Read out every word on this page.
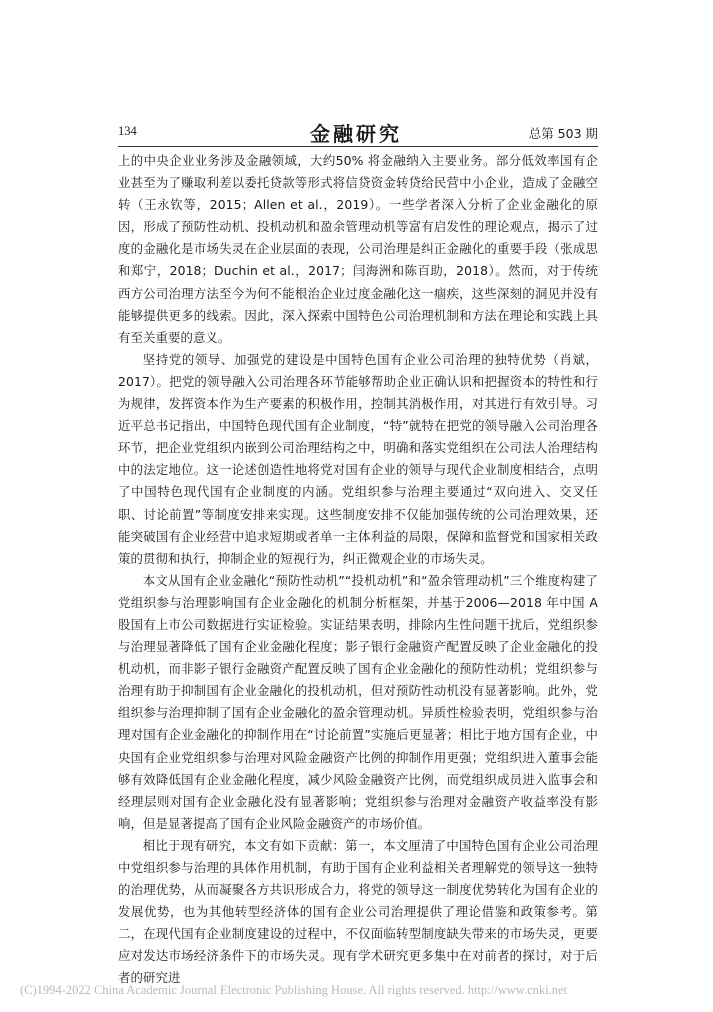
134	金融研究	总第 503 期

上的中央企业业务涉及金融领域，大约50% 将金融纳入主要业务。部分低效率国有企业甚至为了赚取利差以委托贷款等形式将信贷资金转贷给民营中小企业，造成了金融空转（王永钦等，2015；Allen et al.，2019）。一些学者深入分析了企业金融化的原因，形成了预防性动机、投机动机和盈余管理动机等富有启发性的理论观点，揭示了过度的金融化是市场失灵在企业层面的表现，公司治理是纠正金融化的重要手段（张成思和郑宁，2018；Duchin et al.，2017；闫海洲和陈百助，2018）。然而，对于传统西方公司治理方法至今为何不能根治企业过度金融化这一痼疾，这些深刻的洞见并没有能够提供更多的线索。因此，深入探索中国特色公司治理机制和方法在理论和实践上具有至关重要的意义。

坚持党的领导、加强党的建设是中国特色国有企业公司治理的独特优势（肖斌，2017）。把党的领导融入公司治理各环节能够帮助企业正确认识和把握资本的特性和行为规律，发挥资本作为生产要素的积极作用，控制其消极作用，对其进行有效引导。习近平总书记指出，中国特色现代国有企业制度，“特”就特在把党的领导融入公司治理各环节，把企业党组织内嵌到公司治理结构之中，明确和落实党组织在公司法人治理结构中的法定地位。这一论述创造性地将党对国有企业的领导与现代企业制度相结合，点明了中国特色现代国有企业制度的内涵。党组织参与治理主要通过“双向进入、交叉任职、讨论前置”等制度安排来实现。这些制度安排不仅能加强传统的公司治理效果，还能突破国有企业经营中追求短期或者单一主体利益的局限，保障和监督党和国家相关政策的贯彻和执行，抑制企业的短视行为，纠正微观企业的市场失灵。

本文从国有企业金融化“预防性动机”“投机动机”和“盈余管理动机”三个维度构建了党组织参与治理影响国有企业金融化的机制分析框架，并基于2006—2018 年中国 A 股国有上市公司数据进行实证检验。实证结果表明，排除内生性问题干扰后，党组织参与治理显著降低了国有企业金融化程度；影子银行金融资产配置反映了企业金融化的投机动机，而非影子银行金融资产配置反映了国有企业金融化的预防性动机；党组织参与治理有助于抑制国有企业金融化的投机动机，但对预防性动机没有显著影响。此外，党组织参与治理抑制了国有企业金融化的盈余管理动机。异质性检验表明，党组织参与治理对国有企业金融化的抑制作用在“讨论前置”实施后更显著；相比于地方国有企业，中央国有企业党组织参与治理对风险金融资产比例的抑制作用更强；党组织进入董事会能够有效降低国有企业金融化程度，减少风险金融资产比例，而党组织成员进入监事会和经理层则对国有企业金融化没有显著影响；党组织参与治理对金融资产收益率没有影响，但是显著提高了国有企业风险金融资产的市场价值。

相比于现有研究，本文有如下贡献：第一，本文厘清了中国特色国有企业公司治理中党组织参与治理的具体作用机制，有助于国有企业利益相关者理解党的领导这一独特的治理优势，从而凝聚各方共识形成合力，将党的领导这一制度优势转化为国有企业的发展优势，也为其他转型经济体的国有企业公司治理提供了理论借鉴和政策参考。第二，在现代国有企业制度建设的过程中，不仅面临转型制度缺失带来的市场失灵，更要应对发达市场经济条件下的市场失灵。现有学术研究更多集中在对前者的探讨，对于后者的研究进

(C)1994-2022 China Academic Journal Electronic Publishing House. All rights reserved. http://www.cnki.net
